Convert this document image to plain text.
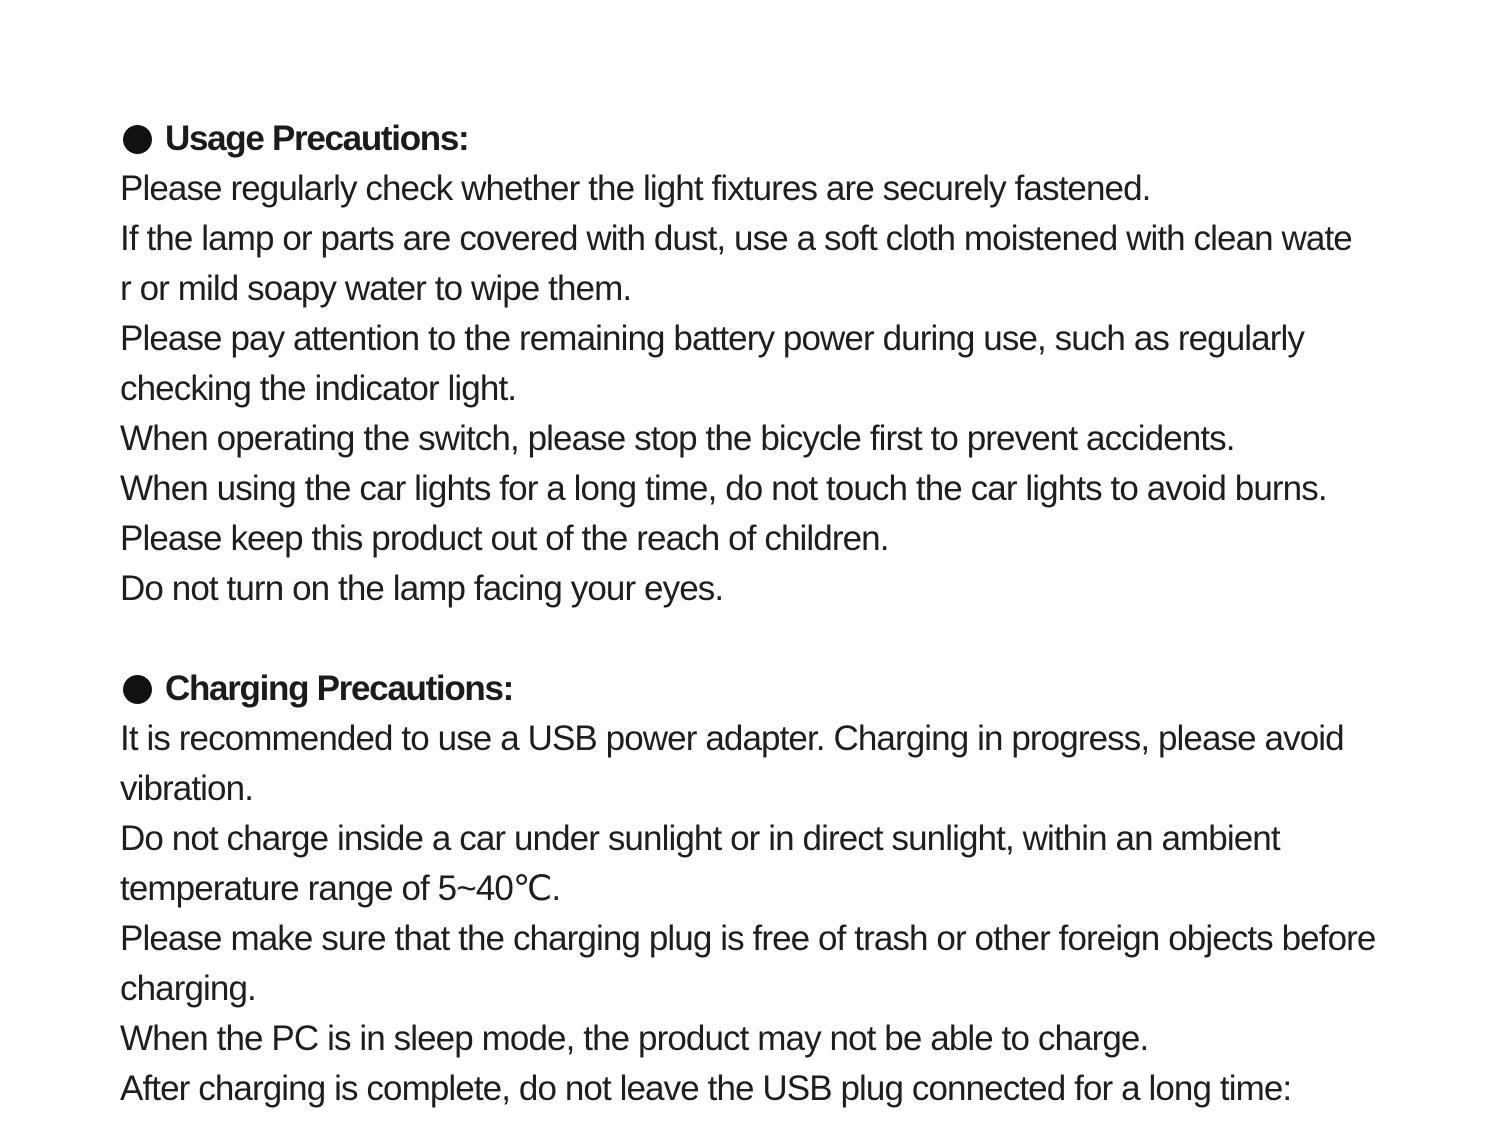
Usage Precautions:
Please regularly check whether the light fixtures are securely fastened.
If the lamp or parts are covered with dust, use a soft cloth moistened with clean wate
r or mild soapy water to wipe them.
Please pay attention to the remaining battery power during use, such as regularly
checking the indicator light.
When operating the switch, please stop the bicycle first to prevent accidents.
When using the car lights for a long time, do not touch the car lights to avoid burns.
Please keep this product out of the reach of children.
Do not turn on the lamp facing your eyes.
Charging Precautions:
It is recommended to use a USB power adapter. Charging in progress, please avoid
vibration.
Do not charge inside a car under sunlight or in direct sunlight, within an ambient
temperature range of 5~40℃.
Please make sure that the charging plug is free of trash or other foreign objects before
charging.
When the PC is in sleep mode, the product may not be able to charge.
After charging is complete, do not leave the USB plug connected for a long time:
